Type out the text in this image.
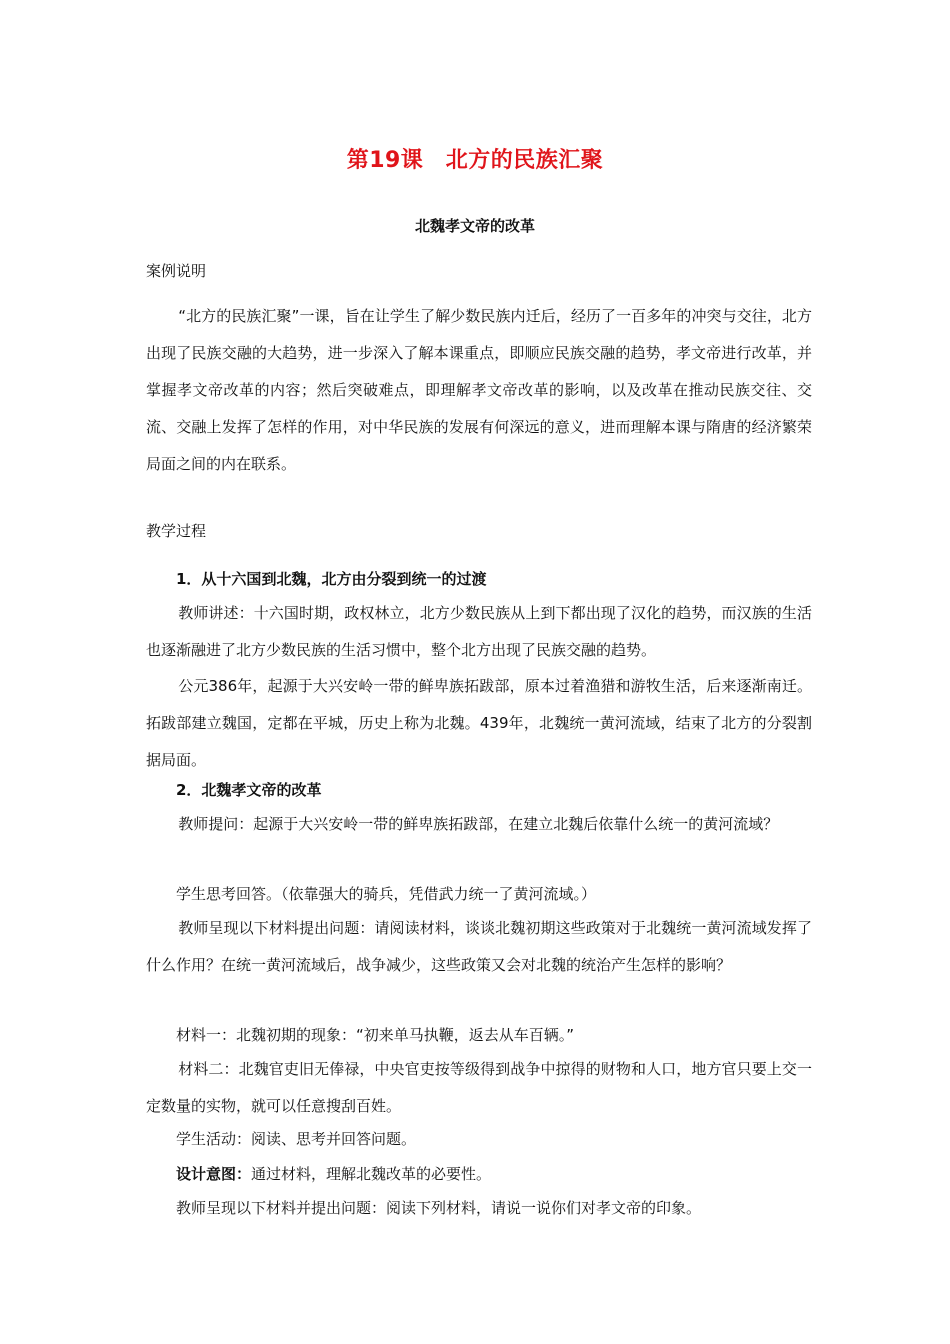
第19课　北方的民族汇聚
北魏孝文帝的改革
案例说明
“北方的民族汇聚”一课，旨在让学生了解少数民族内迁后，经历了一百多年的冲突与交往，北方出现了民族交融的大趋势，进一步深入了解本课重点，即顺应民族交融的趋势，孝文帝进行改革，并掌握孝文帝改革的内容；然后突破难点，即理解孝文帝改革的影响，以及改革在推动民族交往、交流、交融上发挥了怎样的作用，对中华民族的发展有何深远的意义，进而理解本课与隋唐的经济繁荣局面之间的内在联系。
教学过程
1．从十六国到北魏，北方由分裂到统一的过渡
教师讲述：十六国时期，政权林立，北方少数民族从上到下都出现了汉化的趋势，而汉族的生活也逐渐融进了北方少数民族的生活习惯中，整个北方出现了民族交融的趋势。
公元386年，起源于大兴安岭一带的鲜卑族拓跋部，原本过着渔猎和游牧生活，后来逐渐南迁。拓跋部建立魏国，定都在平城，历史上称为北魏。439年，北魏统一黄河流域，结束了北方的分裂割据局面。
2．北魏孝文帝的改革
教师提问：起源于大兴安岭一带的鲜卑族拓跋部，在建立北魏后依靠什么统一的黄河流域？
学生思考回答。（依靠强大的骑兵，凭借武力统一了黄河流域。）
教师呈现以下材料提出问题：请阅读材料，谈谈北魏初期这些政策对于北魏统一黄河流域发挥了什么作用？在统一黄河流域后，战争减少，这些政策又会对北魏的统治产生怎样的影响？
材料一：北魏初期的现象：“初来单马执鞭，返去从车百辆。”
材料二：北魏官吏旧无俸禄，中央官吏按等级得到战争中掠得的财物和人口，地方官只要上交一定数量的实物，就可以任意搜刮百姓。
学生活动：阅读、思考并回答问题。
设计意图：通过材料，理解北魏改革的必要性。
教师呈现以下材料并提出问题：阅读下列材料，请说一说你们对孝文帝的印象。
